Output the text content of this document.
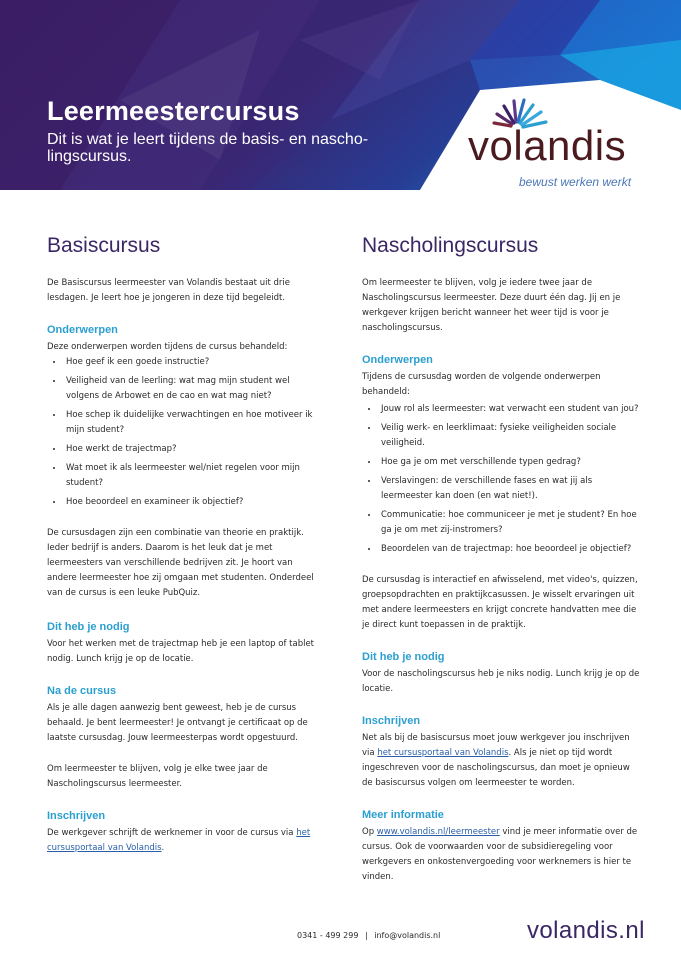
Leermeestercursus

Dit is wat je leert tijdens de basis- en nascho-lingscursus.	volandis
bewust werken werkt
Basiscursus

De Basiscursus leermeester van Volandis bestaat uit drie lesdagen. Je leert hoe je jongeren in deze tijd begeleidt.

Onderwerpen

Deze onderwerpen worden tijdens de cursus behandeld:

• Hoe geef ik een goede instructie?
• Veiligheid van de leerling: wat mag mijn student wel volgens de Arbowet en de cao en wat mag niet?
• Hoe schep ik duidelijke verwachtingen en hoe motiveer ik mijn student?
• Hoe werkt de trajectmap?
• Wat moet ik als leermeester wel/niet regelen voor mijn student?
• Hoe beoordeel en examineer ik objectief?

De cursusdagen zijn een combinatie van theorie en praktijk. Ieder bedrijf is anders. Daarom is het leuk dat je met leermeesters van verschillende bedrijven zit. Je hoort van andere leermeester hoe zij omgaan met studenten. Onderdeel van de cursus is een leuke PubQuiz.

Dit heb je nodig

Voor het werken met de trajectmap heb je een laptop of tablet nodig. Lunch krijg je op de locatie.

Na de cursus

Als je alle dagen aanwezig bent geweest, heb je de cursus behaald. Je bent leermeester! Je ontvangt je certificaat op de laatste cursusdag. Jouw leermeesterpas wordt opgestuurd.

Om leermeester te blijven, volg je elke twee jaar de Nascholingscursus leermeester.

Inschrijven

De werkgever schrijft de werknemer in voor de cursus via het cursusportaal van Volandis.

Nascholingscursus

Om leermeester te blijven, volg je iedere twee jaar de Nascholingscursus leermeester. Deze duurt één dag. Jij en je werkgever krijgen bericht wanneer het weer tijd is voor je nascholingscursus.

Onderwerpen

Tijdens de cursusdag worden de volgende onderwerpen behandeld:

• Jouw rol als leermeester: wat verwacht een student van jou?
• Veilig werk- en leerklimaat: fysieke veiligheiden sociale veiligheid.
• Hoe ga je om met verschillende typen gedrag?
• Verslavingen: de verschillende fases en wat jij als leermeester kan doen (en wat niet!).
• Communicatie: hoe communiceer je met je student? En hoe ga je om met zij-instromers?
• Beoordelen van de trajectmap: hoe beoordeel je objectief?

De cursusdag is interactief en afwisselend, met video's, quizzen, groepsopdrachten en praktijkcasussen. Je wisselt ervaringen uit met andere leermeesters en krijgt concrete handvatten mee die je direct kunt toepassen in de praktijk.

Dit heb je nodig

Voor de nascholingscursus heb je niks nodig. Lunch krijg je op de locatie.

Inschrijven

Net als bij de basiscursus moet jouw werkgever jou inschrijven via het cursusportaal van Volandis. Als je niet op tijd wordt ingeschreven voor de nascholingscursus, dan moet je opnieuw de basiscursus volgen om leermeester te worden.

Meer informatie

Op www.volandis.nl/leermeester vind je meer informatie over de cursus. Ook de voorwaarden voor de subsidieregeling voor werkgevers en onkostenvergoeding voor werknemers is hier te vinden.

0341 - 499 299 | info@volandis.nl	volandis.nl
